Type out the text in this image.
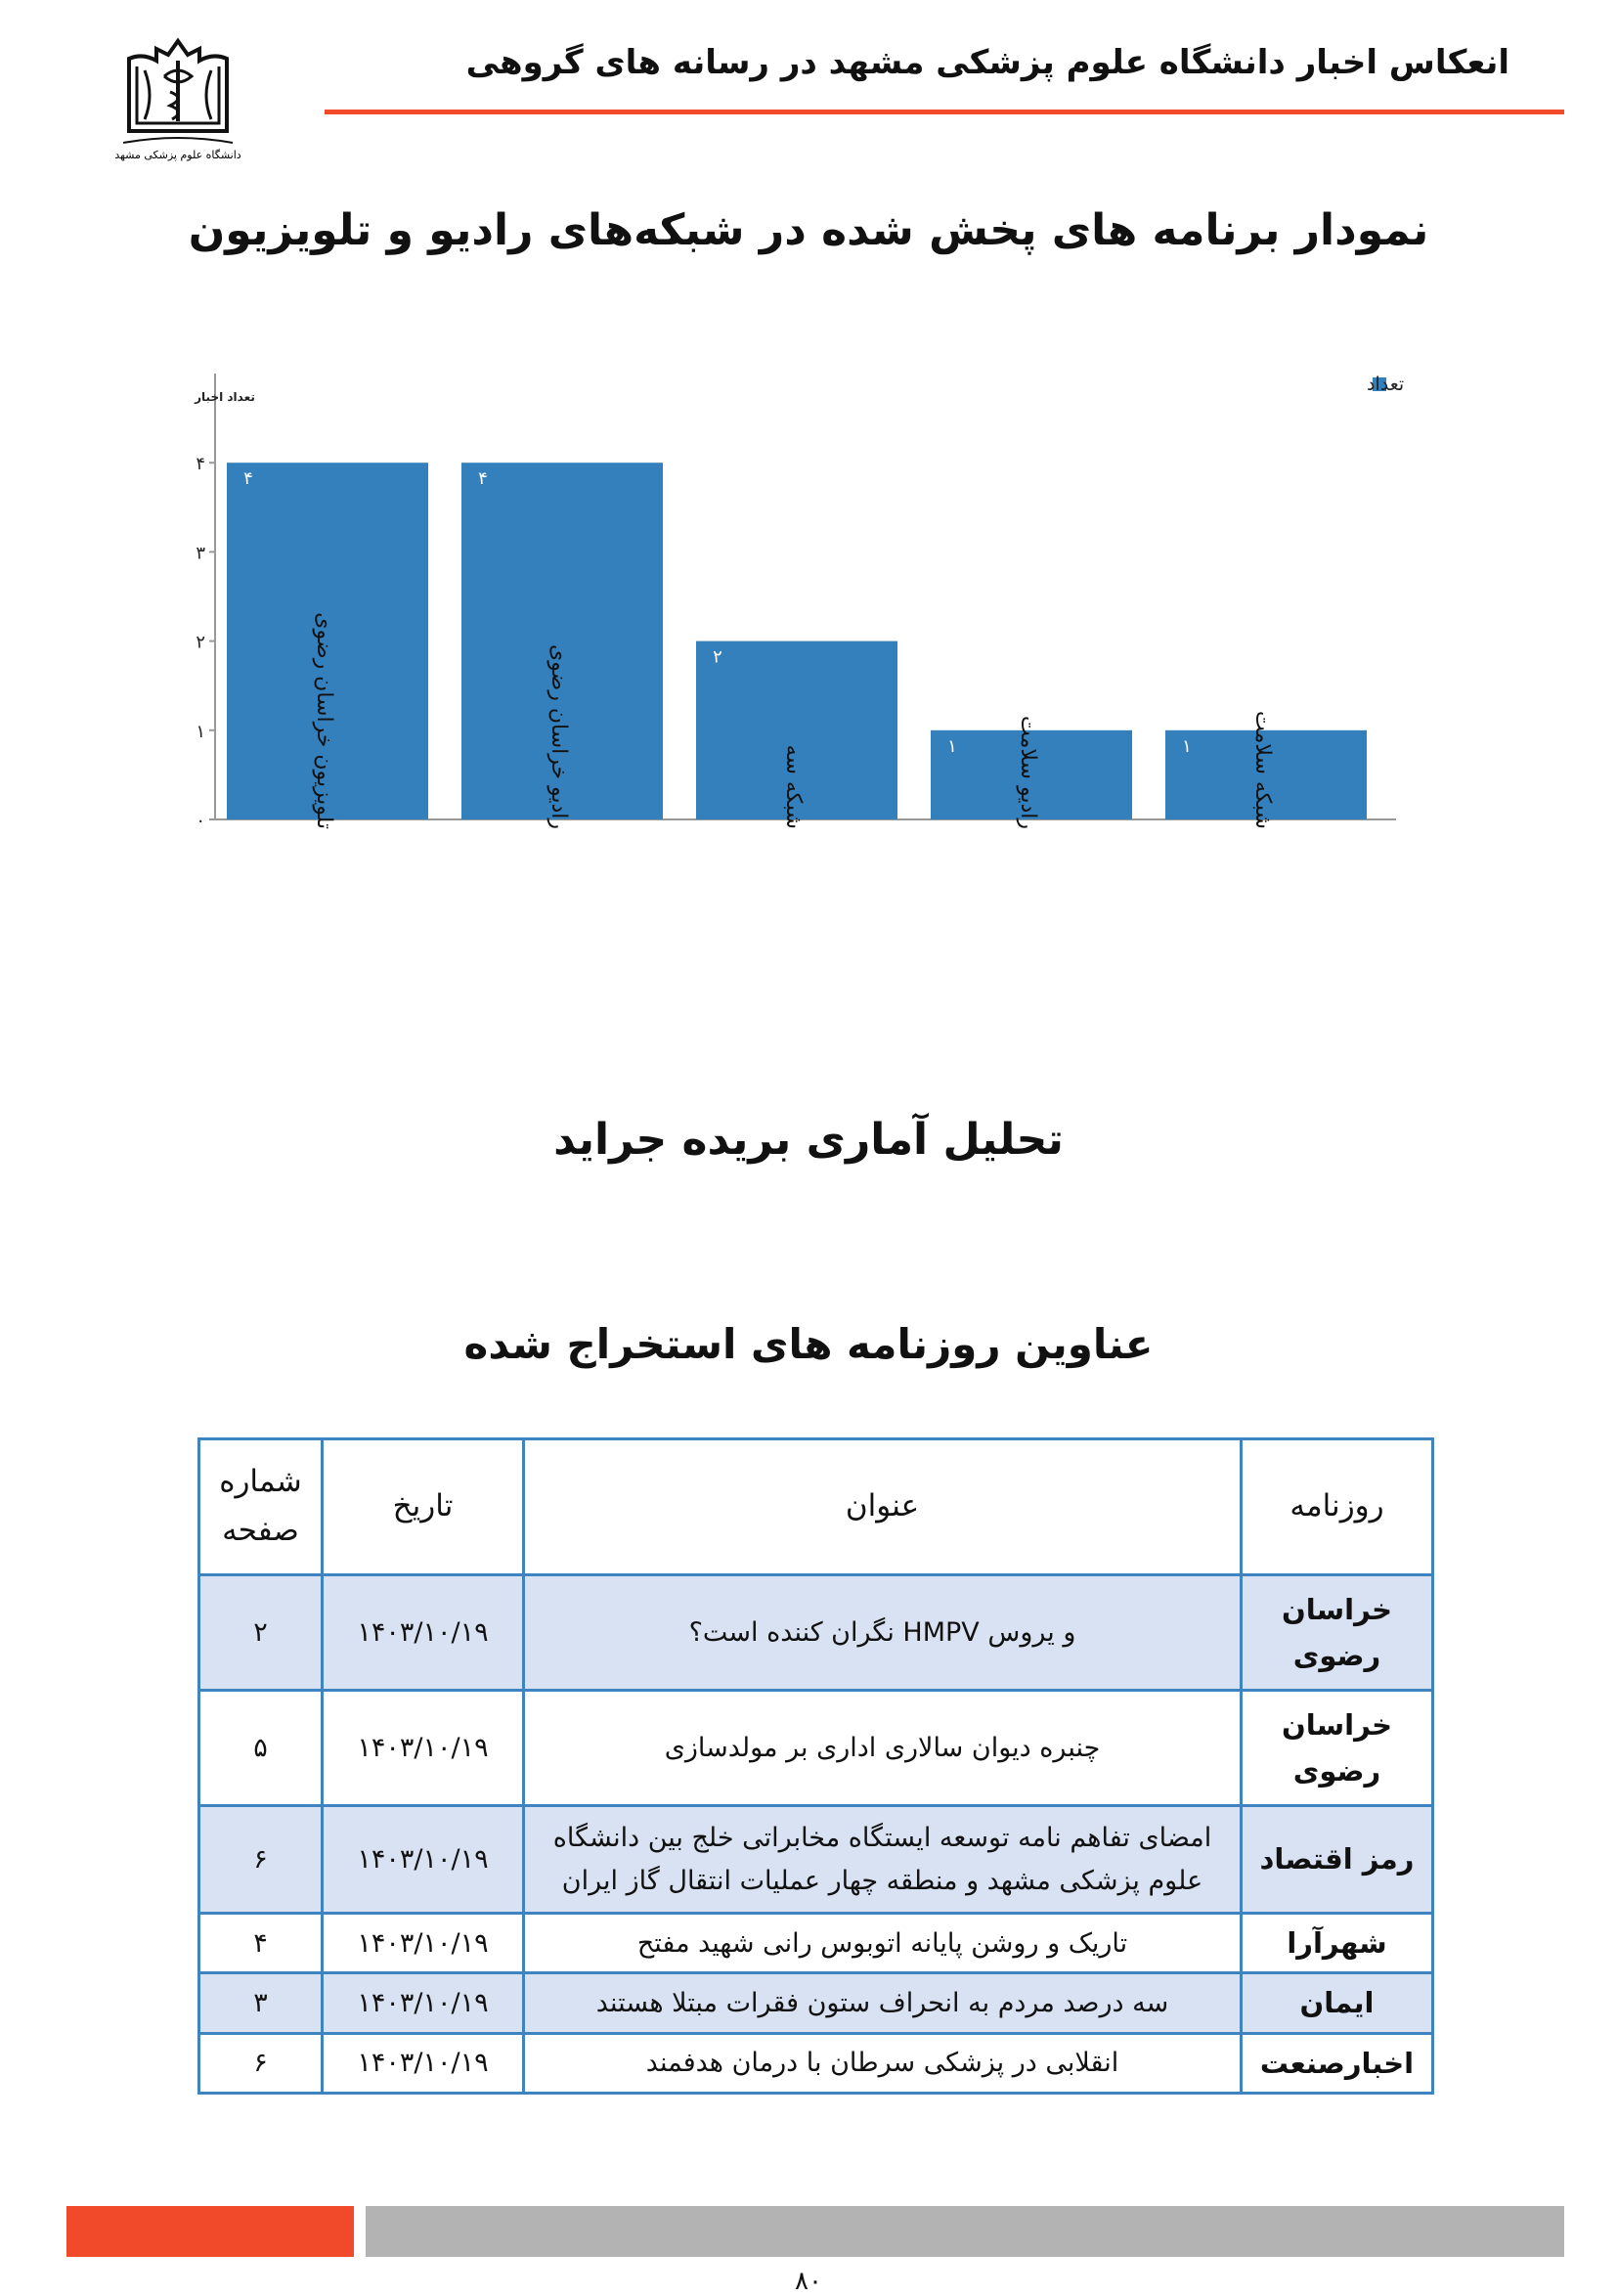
انعکاس اخبار دانشگاه علوم پزشکی مشهد در رسانه های گروهی
دانشگاه علوم پزشکی مشهد
نمودار برنامه های پخش شده در شبکه‌های رادیو و تلویزیون
۰
۱
۲
۳
۴
تعداد اخبار
۴
تلویزیون خراسان رضوی
۴
رادیو خراسان رضوی	۲
شبکه سه	۱	رادیو سلامت	۱	شبکه سلامت
تعداد
تحلیل آماری بریده جراید
عناوین روزنامه های استخراج شده
روزنامه	عنوان	تاریخ	شماره صفحه
خراسان رضوی	و یروس HMPV نگران کننده است؟	۱۴۰۳/۱۰/۱۹	۲
خراسان رضوی	چنبره دیوان سالاری اداری بر مولدسازی	۱۴۰۳/۱۰/۱۹	۵
رمز اقتصاد	امضای تفاهم نامه توسعه ایستگاه مخابراتی خلج بین دانشگاه علوم پزشکی مشهد و منطقه چهار عملیات انتقال گاز ایران	۱۴۰۳/۱۰/۱۹	۶
شهرآرا	تاریک و روشن پایانه اتوبوس رانی شهید مفتح	۱۴۰۳/۱۰/۱۹	۴
ایمان	سه درصد مردم به انحراف ستون فقرات مبتلا هستند	۱۴۰۳/۱۰/۱۹	۳
اخبارصنعت	انقلابی در پزشکی سرطان با درمان هدفمند	۱۴۰۳/۱۰/۱۹	۶
۸۰
